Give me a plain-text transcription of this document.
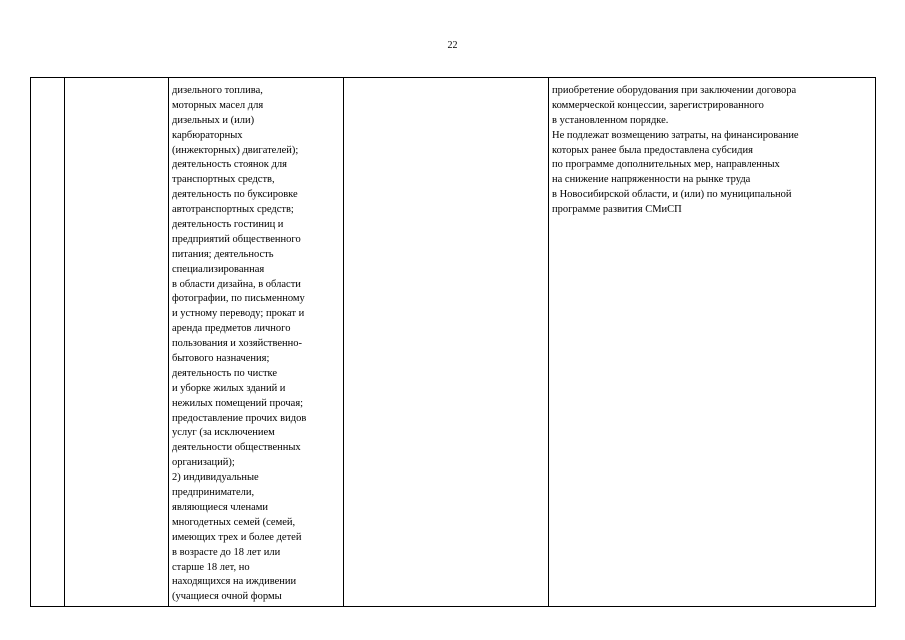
22
дизельного топлива,
моторных масел для
дизельных и (или)
карбюраторных
(инжекторных) двигателей);
деятельность стоянок для
транспортных средств,
деятельность по буксировке
автотранспортных средств;
деятельность гостиниц и
предприятий общественного
питания; деятельность
специализированная
в области дизайна, в области
фотографии, по письменному
и устному переводу; прокат и
аренда предметов личного
пользования и хозяйственно-
бытового назначения;
деятельность по чистке
и уборке жилых зданий и
нежилых помещений прочая;
предоставление прочих видов
услуг (за исключением
деятельности общественных
организаций);
2) индивидуальные
предприниматели,
являющиеся членами
многодетных семей (семей,
имеющих трех и более детей
в возрасте до 18 лет или
старше 18 лет, но
находящихся на иждивении
(учащиеся очной формы
приобретение оборудования при заключении договора
коммерческой концессии, зарегистрированного
в установленном порядке.
Не подлежат возмещению затраты, на финансирование
которых ранее была предоставлена субсидия
по программе дополнительных мер, направленных
на снижение напряженности на рынке труда
в Новосибирской области, и (или) по муниципальной
программе развития СМиСП
